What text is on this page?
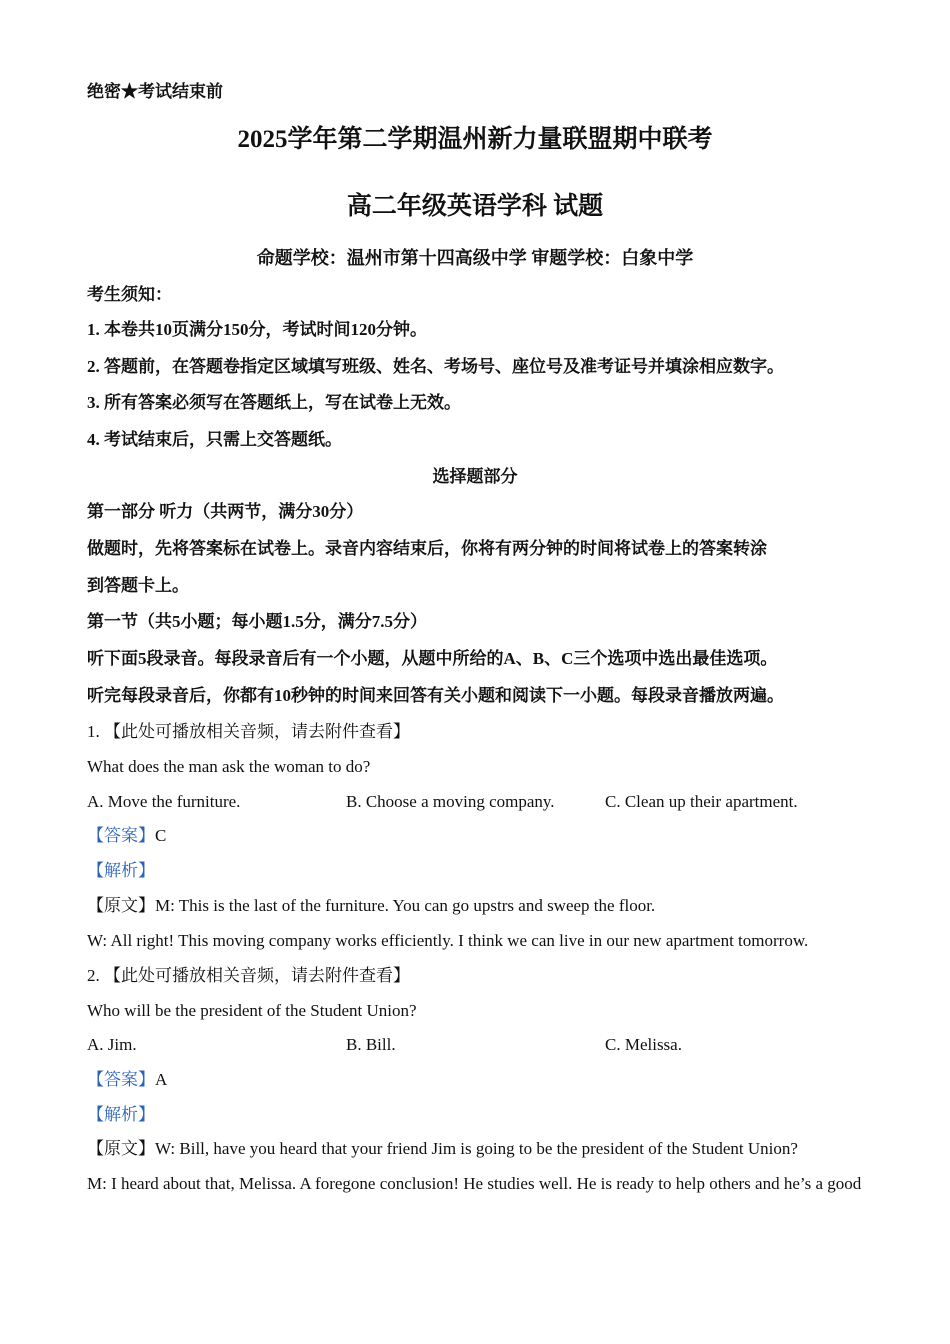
绝密★考试结束前
2025学年第二学期温州新力量联盟期中联考
高二年级英语学科 试题
命题学校：温州市第十四高级中学 审题学校：白象中学
考生须知：
1. 本卷共10页满分150分，考试时间120分钟。
2. 答题前，在答题卷指定区域填写班级、姓名、考场号、座位号及准考证号并填涂相应数字。
3. 所有答案必须写在答题纸上，写在试卷上无效。
4. 考试结束后，只需上交答题纸。
选择题部分
第一部分 听力（共两节，满分30分）
做题时，先将答案标在试卷上。录音内容结束后，你将有两分钟的时间将试卷上的答案转涂
到答题卡上。
第一节（共5小题；每小题1.5分，满分7.5分）
听下面5段录音。每段录音后有一个小题，从题中所给的A、B、C三个选项中选出最佳选项。
听完每段录音后，你都有10秒钟的时间来回答有关小题和阅读下一小题。每段录音播放两遍。
1. 【此处可播放相关音频，请去附件查看】
What does the man ask the woman to do?
A. Move the furniture.	B. Choose a moving company.	C. Clean up their apartment.
【答案】C
【解析】
【原文】M: This is the last of the furniture. You can go upstrs and sweep the floor.
W: All right! This moving company works efficiently. I think we can live in our new apartment tomorrow.
2. 【此处可播放相关音频，请去附件查看】
Who will be the president of the Student Union?
A. Jim.	B. Bill.	C. Melissa.
【答案】A
【解析】
【原文】W: Bill, have you heard that your friend Jim is going to be the president of the Student Union?
M: I heard about that, Melissa. A foregone conclusion! He studies well. He is ready to help others and he’s a good
